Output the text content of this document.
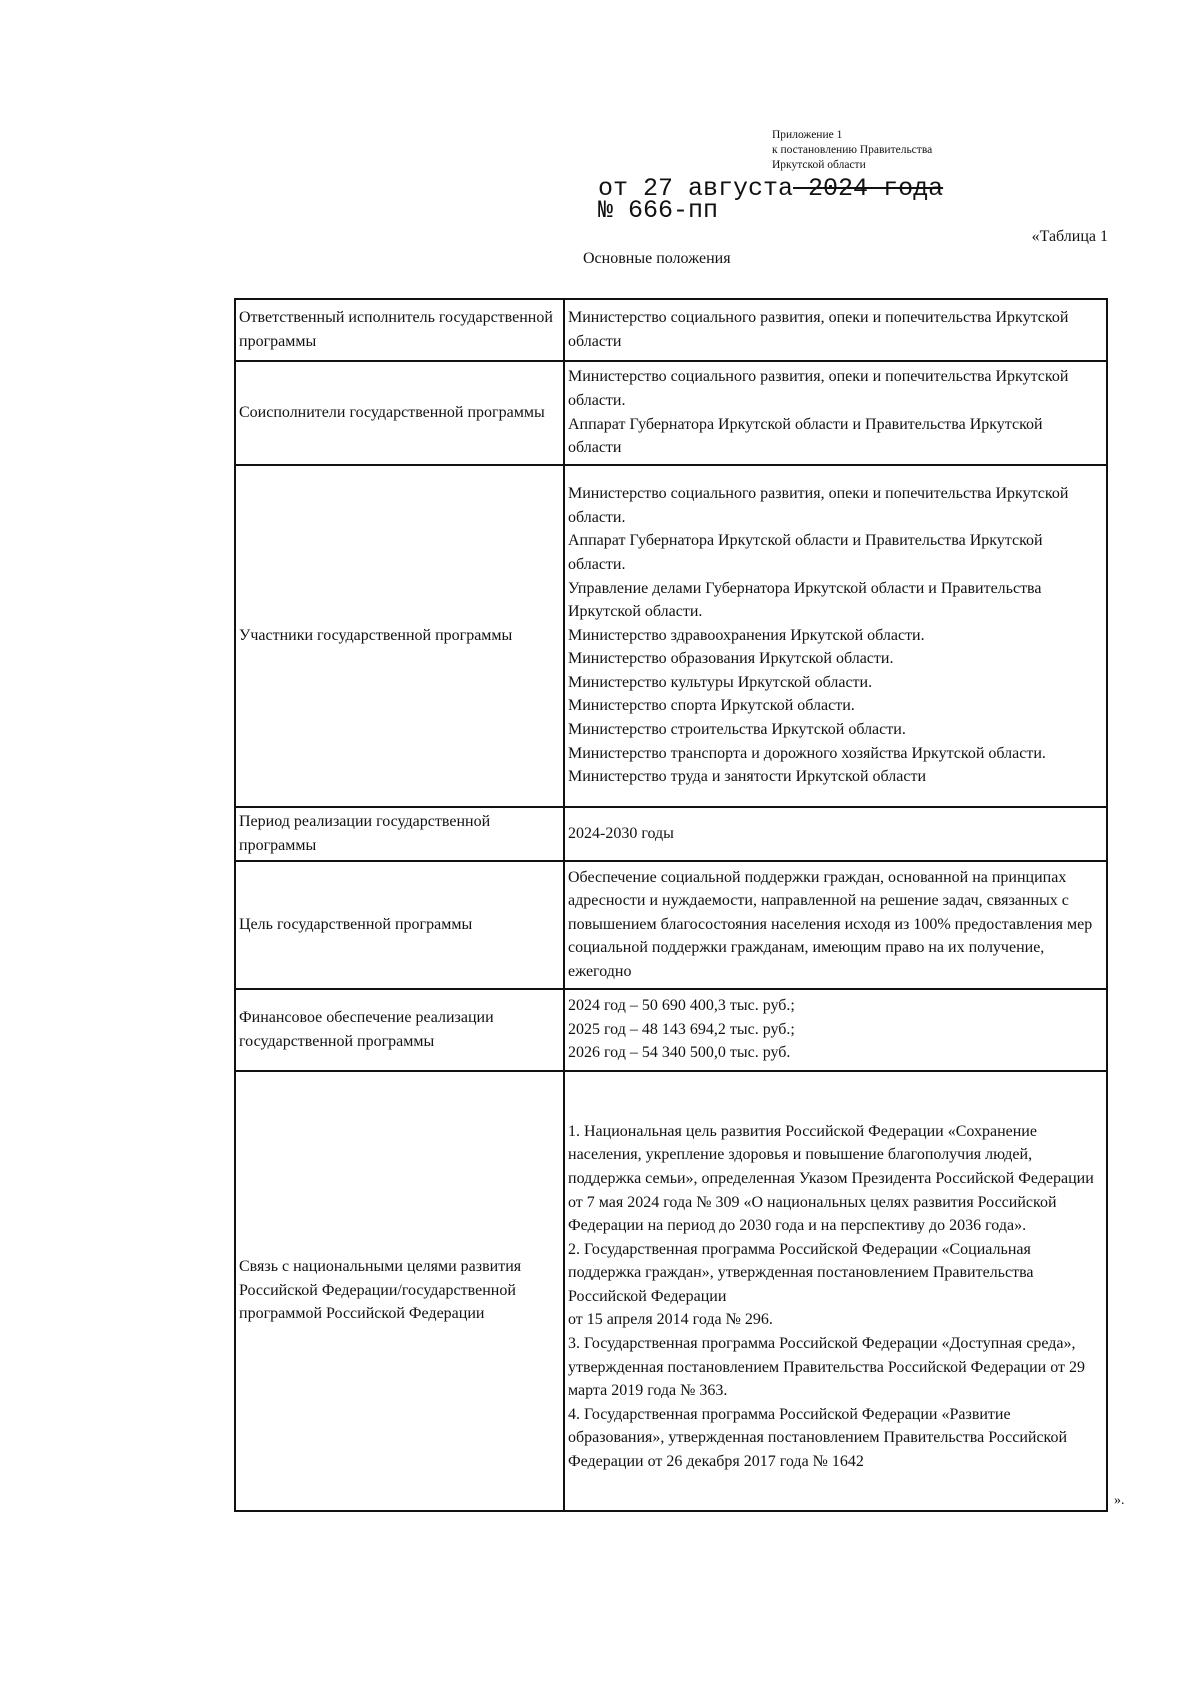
Приложение 1
к постановлению Правительства
Иркутской области
от 27 августа 2024 года
№ 666-пп
«Таблица 1
Основные положения
Ответственный исполнитель государственной программы	Министерство социального развития, опеки и попечительства Иркутской области

Соисполнители государственной программы	Министерство социального развития, опеки и попечительства Иркутской области.
Аппарат Губернатора Иркутской области и Правительства Иркутской области

Участники государственной программы	
Министерство социального развития, опеки и попечительства Иркутской области.
Аппарат Губернатора Иркутской области и Правительства Иркутской области.
Управление делами Губернатора Иркутской области и Правительства Иркутской области.
Министерство здравоохранения Иркутской области.
Министерство образования Иркутской области.
Министерство культуры Иркутской области.
Министерство спорта Иркутской области.
Министерство строительства Иркутской области.
Министерство транспорта и дорожного хозяйства Иркутской области.
Министерство труда и занятости Иркутской области

Период реализации государственной программы	2024-2030 годы

Цель государственной программы	Обеспечение социальной поддержки граждан, основанной на принципах адресности и нуждаемости, направленной на решение задач, связанных с повышением благосостояния населения исходя из 100% предоставления мер социальной поддержки гражданам, имеющим право на их получение, ежегодно

Финансовое обеспечение реализации государственной программы	2024 год – 50 690 400,3 тыс. руб.;
2025 год – 48 143 694,2 тыс. руб.;
2026 год – 54 340 500,0 тыс. руб.

Связь с национальными целями развития Российской Федерации/государственной программой Российской Федерации	1. Национальная цель развития Российской Федерации «Сохранение населения, укрепление здоровья и повышение благополучия людей, поддержка семьи», определенная Указом Президента Российской Федерации от 7 мая 2024 года № 309 «О национальных целях развития Российской Федерации на период до 2030 года и на перспективу до 2036 года».
2. Государственная программа Российской Федерации «Социальная поддержка граждан», утвержденная постановлением Правительства Российской Федерации
от 15 апреля 2014 года № 296.
3. Государственная программа Российской Федерации «Доступная среда», утвержденная постановлением Правительства Российской Федерации от 29 марта 2019 года № 363.
4. Государственная программа Российской Федерации «Развитие образования», утвержденная постановлением Правительства Российской Федерации от 26 декабря 2017 года № 1642
».
